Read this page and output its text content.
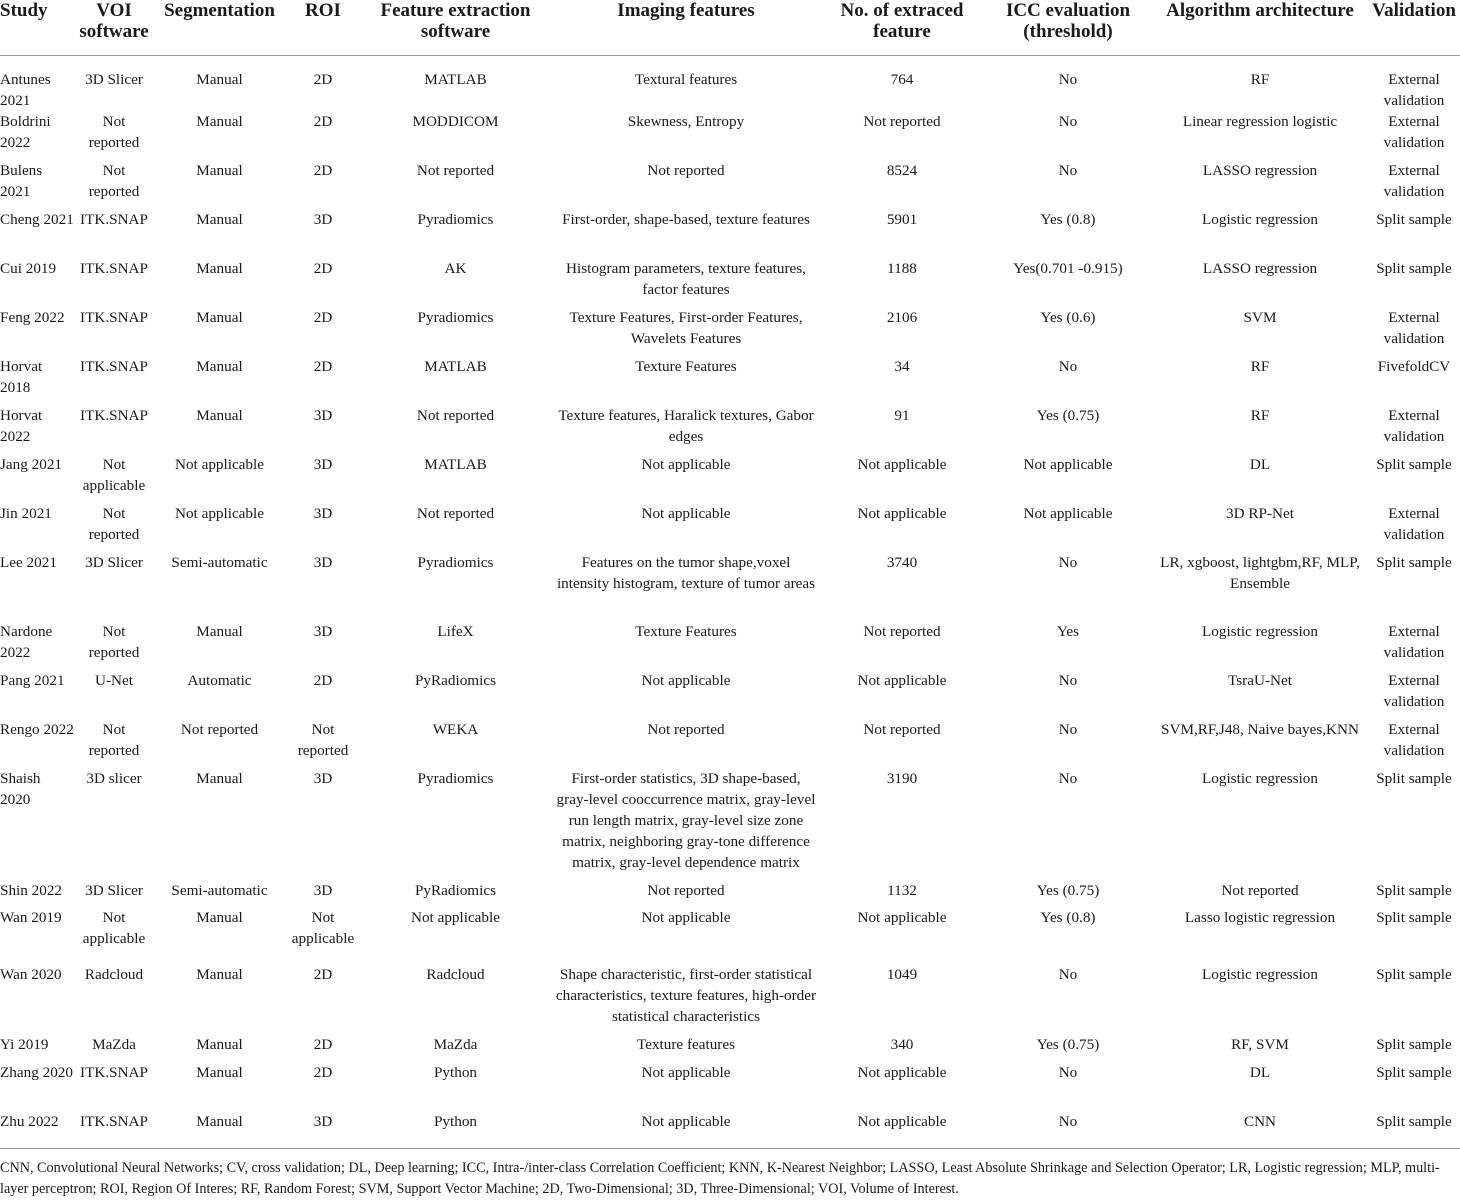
Study	VOI software	Segmentation	ROI	Feature extraction software	Imaging features	No. of extraced feature	ICC evaluation (threshold)	Algorithm architecture	Validation
Antunes 2021	3D Slicer	Manual	2D	MATLAB	Textural features	764	No	RF	External validation
Boldrini 2022	Not reported	Manual	2D	MODDICOM	Skewness, Entropy	Not reported	No	Linear regression logistic	External validation
Bulens 2021	Not reported	Manual	2D	Not reported	Not reported	8524	No	LASSO regression	External validation
Cheng 2021	ITK.SNAP	Manual	3D	Pyradiomics	First-order, shape-based, texture features	5901	Yes (0.8)	Logistic regression	Split sample
Cui 2019	ITK.SNAP	Manual	2D	AK	Histogram parameters, texture features, factor features	1188	Yes(0.701 -0.915)	LASSO regression	Split sample
Feng 2022	ITK.SNAP	Manual	2D	Pyradiomics	Texture Features, First-order Features, Wavelets Features	2106	Yes (0.6)	SVM	External validation
Horvat 2018	ITK.SNAP	Manual	2D	MATLAB	Texture Features	34	No	RF	FivefoldCV
Horvat 2022	ITK.SNAP	Manual	3D	Not reported	Texture features, Haralick textures, Gabor edges	91	Yes (0.75)	RF	External validation
Jang 2021	Not applicable	Not applicable	3D	MATLAB	Not applicable	Not applicable	Not applicable	DL	Split sample
Jin 2021	Not reported	Not applicable	3D	Not reported	Not applicable	Not applicable	Not applicable	3D RP-Net	External validation
Lee 2021	3D Slicer	Semi-automatic	3D	Pyradiomics	Features on the tumor shape,voxel intensity histogram, texture of tumor areas	3740	No	LR, xgboost, lightgbm,RF, MLP, Ensemble	Split sample
Nardone 2022	Not reported	Manual	3D	LifeX	Texture Features	Not reported	Yes	Logistic regression	External validation
Pang 2021	U-Net	Automatic	2D	PyRadiomics	Not applicable	Not applicable	No	TsraU-Net	External validation
Rengo 2022	Not reported	Not reported	Not reported	WEKA	Not reported	Not reported	No	SVM,RF,J48, Naive bayes,KNN	External validation
Shaish 2020	3D slicer	Manual	3D	Pyradiomics	First-order statistics, 3D shape-based, gray-level cooccurrence matrix, gray-level run length matrix, gray-level size zone matrix, neighboring gray-tone difference matrix, gray-level dependence matrix	3190	No	Logistic regression	Split sample
Shin 2022	3D Slicer	Semi-automatic	3D	PyRadiomics	Not reported	1132	Yes (0.75)	Not reported	Split sample
Wan 2019	Not applicable	Manual	Not applicable	Not applicable	Not applicable	Not applicable	Yes (0.8)	Lasso logistic regression	Split sample
Wan 2020	Radcloud	Manual	2D	Radcloud	Shape characteristic, first-order statistical characteristics, texture features, high-order statistical characteristics	1049	No	Logistic regression	Split sample
Yi 2019	MaZda	Manual	2D	MaZda	Texture features	340	Yes (0.75)	RF, SVM	Split sample
Zhang 2020	ITK.SNAP	Manual	2D	Python	Not applicable	Not applicable	No	DL	Split sample
Zhu 2022	ITK.SNAP	Manual	3D	Python	Not applicable	Not applicable	No	CNN	Split sample
CNN, Convolutional Neural Networks; CV, cross validation; DL, Deep learning; ICC, Intra-/inter-class Correlation Coefficient; KNN, K-Nearest Neighbor; LASSO, Least Absolute Shrinkage and Selection Operator; LR, Logistic regression; MLP, multi-layer perceptron; ROI, Region Of Interes; RF, Random Forest; SVM, Support Vector Machine; 2D, Two-Dimensional; 3D, Three-Dimensional; VOI, Volume of Interest.
